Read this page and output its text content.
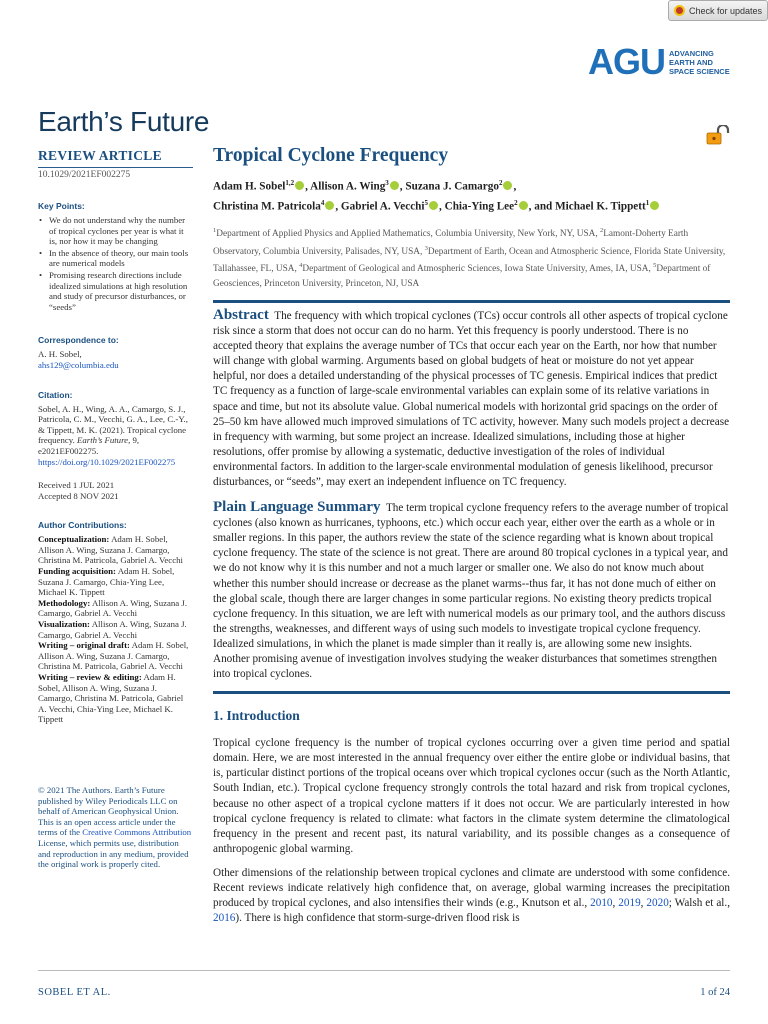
Check for updates
AGU ADVANCING
EARTH AND
SPACE SCIENCE
Earth’s Future
REVIEW ARTICLE
10.1029/2021EF002275
Key Points:
• We do not understand why the number of tropical cyclones per year is what it is, nor how it may be changing
• In the absence of theory, our main tools are numerical models
• Promising research directions include idealized simulations at high resolution and study of precursor disturbances, or “seeds”
Correspondence to:
A. H. Sobel,
ahs129@columbia.edu
Citation:
Sobel, A. H., Wing, A. A., Camargo, S. J., Patricola, C. M., Vecchi, G. A., Lee, C.-Y., & Tippett, M. K. (2021). Tropical cyclone frequency. Earth’s Future, 9, e2021EF002275. https://doi.org/10.1029/2021EF002275
Received 1 JUL 2021
Accepted 8 NOV 2021
Author Contributions:
Conceptualization: Adam H. Sobel, Allison A. Wing, Suzana J. Camargo, Christina M. Patricola, Gabriel A. Vecchi
Funding acquisition: Adam H. Sobel, Suzana J. Camargo, Chia-Ying Lee, Michael K. Tippett
Methodology: Allison A. Wing, Suzana J. Camargo, Gabriel A. Vecchi
Visualization: Allison A. Wing, Suzana J. Camargo, Gabriel A. Vecchi
Writing – original draft: Adam H. Sobel, Allison A. Wing, Suzana J. Camargo, Christina M. Patricola, Gabriel A. Vecchi
Writing – review & editing: Adam H. Sobel, Allison A. Wing, Suzana J. Camargo, Christina M. Patricola, Gabriel A. Vecchi, Chia-Ying Lee, Michael K. Tippett
© 2021 The Authors. Earth’s Future published by Wiley Periodicals LLC on behalf of American Geophysical Union. This is an open access article under the terms of the Creative Commons Attribution License, which permits use, distribution and reproduction in any medium, provided the original work is properly cited.
Tropical Cyclone Frequency
Adam H. Sobel$^{1,2}$ , Allison A. Wing$^3$ , Suzana J. Camargo$^2$ ,
Christina M. Patricola$^4$ , Gabriel A. Vecchi$^5$ , Chia-Ying Lee$^2$ , and Michael K. Tippett$^1$
$^1$Department of Applied Physics and Applied Mathematics, Columbia University, New York, NY, USA, $^2$Lamont-Doherty Earth Observatory, Columbia University, Palisades, NY, USA, $^3$Department of Earth, Ocean and Atmospheric Science, Florida State University, Tallahassee, FL, USA, $^4$Department of Geological and Atmospheric Sciences, Iowa State University, Ames, IA, USA, $^5$Department of Geosciences, Princeton University, Princeton, NJ, USA
Abstract The frequency with which tropical cyclones (TCs) occur controls all other aspects of tropical cyclone risk since a storm that does not occur can do no harm. Yet this frequency is poorly understood. There is no accepted theory that explains the average number of TCs that occur each year on the Earth, nor how that number will change with global warming. Arguments based on global budgets of heat or moisture do not yet appear helpful, nor does a detailed understanding of the physical processes of TC genesis. Empirical indices that predict TC frequency as a function of large-scale environmental variables can explain some of its relative variations in space and time, but not its absolute value. Global numerical models with horizontal grid spacings on the order of 25–50 km have allowed much improved simulations of TC activity, however. Many such models project a decrease in frequency with warming, but some project an increase. Idealized simulations, including those at higher resolutions, offer promise by allowing a systematic, deductive investigation of the roles of individual environmental factors. In addition to the larger-scale environmental modulation of genesis likelihood, precursor disturbances, or “seeds”, may exert an independent influence on TC frequency.
Plain Language Summary The term tropical cyclone frequency refers to the average number of tropical cyclones (also known as hurricanes, typhoons, etc.) which occur each year, either over the earth as a whole or in smaller regions. In this paper, the authors review the state of the science regarding what is known about tropical cyclone frequency. The state of the science is not great. There are around 80 tropical cyclones in a typical year, and we do not know why it is this number and not a much larger or smaller one. We also do not know much about whether this number should increase or decrease as the planet warms--thus far, it has not done much of either on the global scale, though there are larger changes in some particular regions. No existing theory predicts tropical cyclone frequency. In this situation, we are left with numerical models as our primary tool, and the authors discuss the strengths, weaknesses, and different ways of using such models to investigate tropical cyclone frequency. Idealized simulations, in which the planet is made simpler than it really is, are allowing some new insights. Another promising avenue of investigation involves studying the weaker disturbances that sometimes strengthen into tropical cyclones.
1. Introduction

Tropical cyclone frequency is the number of tropical cyclones occurring over a given time period and spatial domain. Here, we are most interested in the annual frequency over either the entire globe or individual basins, that is, particular distinct portions of the tropical oceans over which tropical cyclones occur (such as the North Atlantic, South Indian, etc.). Tropical cyclone frequency strongly controls the total hazard and risk from tropical cyclones, because no other aspect of a tropical cyclone matters if it does not occur. We are particularly interested in how tropical cyclone frequency is related to climate: what factors in the climate system determine the climatological frequency in the present and recent past, its natural variability, and its possible changes as a consequence of anthropogenic global warming.

Other dimensions of the relationship between tropical cyclones and climate are understood with some confidence. Recent reviews indicate relatively high confidence that, on average, global warming increases the precipitation produced by tropical cyclones, and also intensifies their winds (e.g., Knutson et al., 2010, 2019, 2020; Walsh et al., 2016). There is high confidence that storm-surge-driven flood risk is

SOBEL ET AL.	1 of 24
